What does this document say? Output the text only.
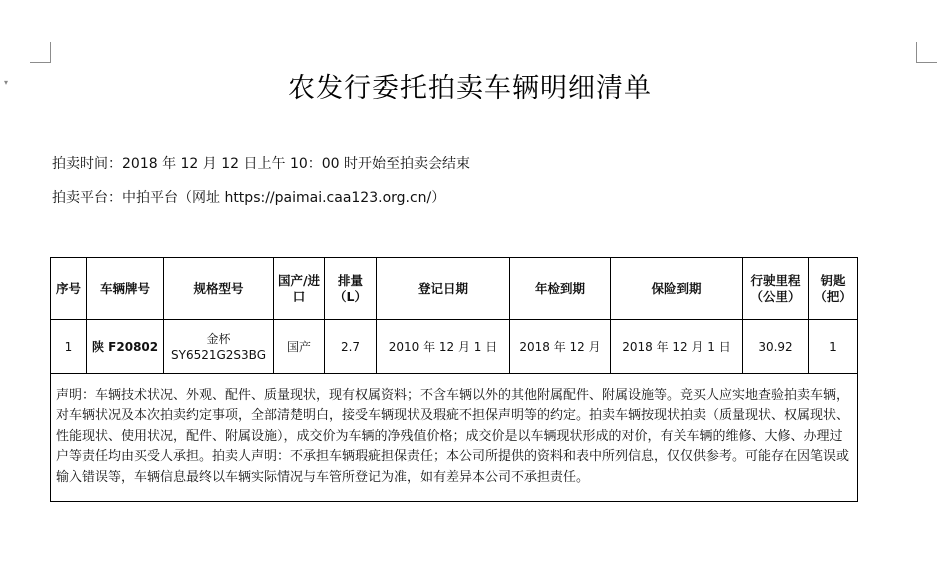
▾	农发行委托拍卖车辆明细清单
拍卖时间：2018 年 12 月 12 日上午 10：00 时开始至拍卖会结束
拍卖平台：中拍平台（网址 https://paimai.caa123.org.cn/）
序号	车辆牌号	规格型号	国产/进口	排量（L）	登记日期	年检到期	保险到期	行驶里程（公里）	钥匙（把）
1	陕 F20802	金杯 SY6521G2S3BG	国产	2.7	2010 年 12 月 1 日	2018 年 12 月	2018 年 12 月 1 日	30.92	1
声明：车辆技术状况、外观、配件、质量现状，现有权属资料；不含车辆以外的其他附属配件、附属设施等。竞买人应实地查验拍卖车辆，对车辆状况及本次拍卖约定事项，全部清楚明白，接受车辆现状及瑕疵不担保声明等的约定。拍卖车辆按现状拍卖（质量现状、权属现状、性能现状、使用状况，配件、附属设施），成交价为车辆的净残值价格；成交价是以车辆现状形成的对价，有关车辆的维修、大修、办理过户等责任均由买受人承担。拍卖人声明：不承担车辆瑕疵担保责任；本公司所提供的资料和表中所列信息，仅仅供参考。可能存在因笔误或输入错误等，车辆信息最终以车辆实际情况与车管所登记为准，如有差异本公司不承担责任。									
